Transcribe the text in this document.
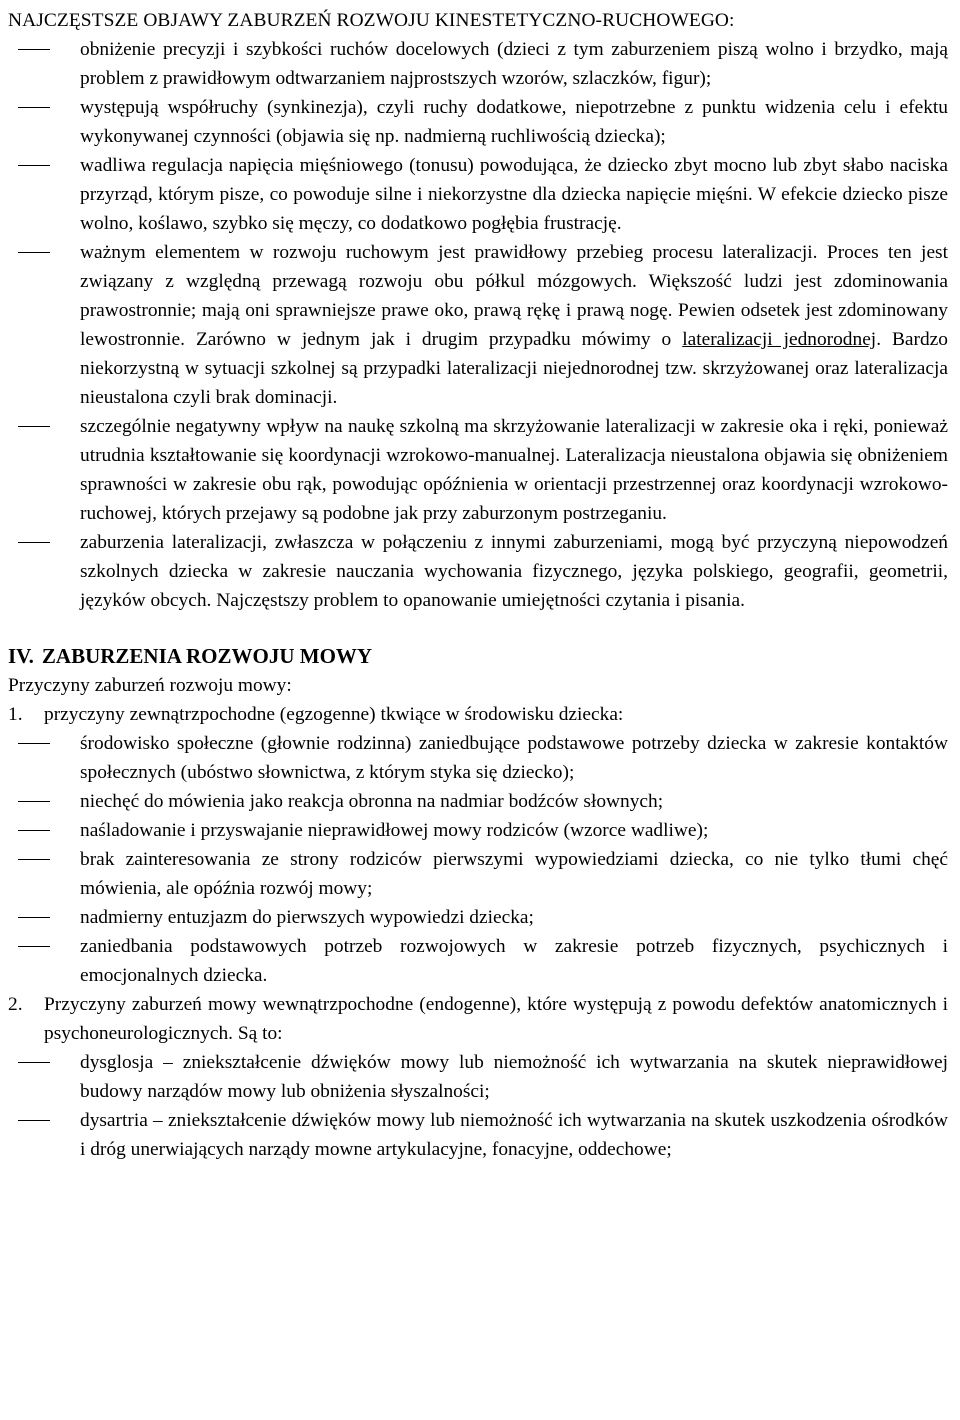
NAJCZĘSTSZE OBJAWY ZABURZEŃ ROZWOJU KINESTETYCZNO-RUCHOWEGO:

obniżenie precyzji i szybkości ruchów docelowych (dzieci z tym zaburzeniem piszą wolno i brzydko, mają problem z prawidłowym odtwarzaniem najprostszych wzorów, szlaczków, figur);
występują współruchy (synkinezja), czyli ruchy dodatkowe, niepotrzebne z punktu widzenia celu i efektu wykonywanej czynności (objawia się np. nadmierną ruchliwością dziecka);
wadliwa regulacja napięcia mięśniowego (tonusu) powodująca, że dziecko zbyt mocno lub zbyt słabo naciska przyrząd, którym pisze, co powoduje silne i niekorzystne dla dziecka napięcie mięśni. W efekcie dziecko pisze wolno, koślawo, szybko się męczy, co dodatkowo pogłębia frustrację.
ważnym elementem w rozwoju ruchowym jest prawidłowy przebieg procesu lateralizacji. Proces ten jest związany z względną przewagą rozwoju obu półkul mózgowych. Większość ludzi jest zdominowania prawostronnie; mają oni sprawniejsze prawe oko, prawą rękę i prawą nogę. Pewien odsetek jest zdominowany lewostronnie. Zarówno w jednym jak i drugim przypadku mówimy o lateralizacji jednorodnej. Bardzo niekorzystną w sytuacji szkolnej są przypadki lateralizacji niejednorodnej tzw. skrzyżowanej oraz lateralizacja nieustalona czyli brak dominacji.
szczególnie negatywny wpływ na naukę szkolną ma skrzyżowanie lateralizacji w zakresie oka i ręki, ponieważ utrudnia kształtowanie się koordynacji wzrokowo-manualnej. Lateralizacja nieustalona objawia się obniżeniem sprawności w zakresie obu rąk, powodując opóźnienia w orientacji przestrzennej oraz koordynacji wzrokowo-ruchowej, których przejawy są podobne jak przy zaburzonym postrzeganiu.
zaburzenia lateralizacji, zwłaszcza w połączeniu z innymi zaburzeniami, mogą być przyczyną niepowodzeń szkolnych dziecka w zakresie nauczania wychowania fizycznego, języka polskiego, geografii, geometrii, języków obcych. Najczęstszy problem to opanowanie umiejętności czytania i pisania.
IV. ZABURZENIA ROZWOJU MOWY

Przyczyny zaburzeń rozwoju mowy:

1. przyczyny zewnątrzpochodne (egzogenne) tkwiące w środowisku dziecka:
środowisko społeczne (głownie rodzinna) zaniedbujące podstawowe potrzeby dziecka w zakresie kontaktów społecznych (ubóstwo słownictwa, z którym styka się dziecko);
niechęć do mówienia jako reakcja obronna na nadmiar bodźców słownych;
naśladowanie i przyswajanie nieprawidłowej mowy rodziców (wzorce wadliwe);
brak zainteresowania ze strony rodziców pierwszymi wypowiedziami dziecka, co nie tylko tłumi chęć mówienia, ale opóźnia rozwój mowy;
nadmierny entuzjazm do pierwszych wypowiedzi dziecka;
zaniedbania podstawowych potrzeb rozwojowych w zakresie potrzeb fizycznych, psychicznych i emocjonalnych dziecka.
2. Przyczyny zaburzeń mowy wewnątrzpochodne (endogenne), które występują z powodu defektów anatomicznych i psychoneurologicznych. Są to:
dysglosja – zniekształcenie dźwięków mowy lub niemożność ich wytwarzania na skutek nieprawidłowej budowy narządów mowy lub obniżenia słyszalności;
dysartria – zniekształcenie dźwięków mowy lub niemożność ich wytwarzania na skutek uszkodzenia ośrodków i dróg unerwiających narządy mowne artykulacyjne, fonacyjne, oddechowe;
